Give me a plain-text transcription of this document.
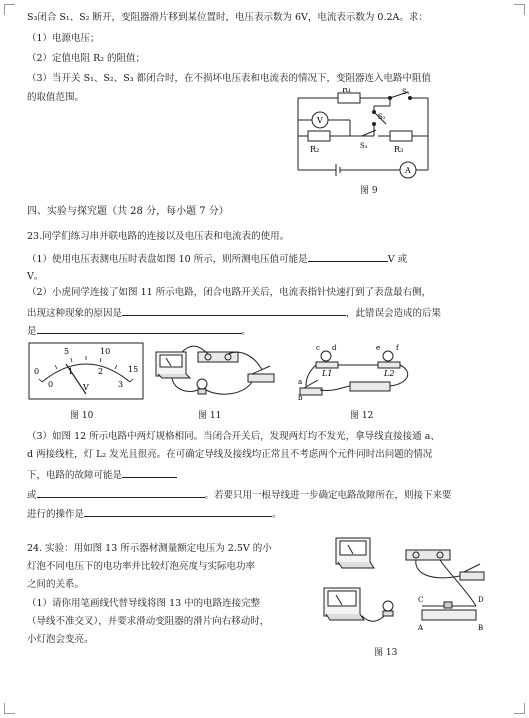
S₃闭合 S₁、S₂ 断开，变阻器滑片移到某位置时，电压表示数为 6V，电流表示数为 0.2A。求：
（1）电源电压；
（2）定值电阻 R₂ 的阻值；
（3）当开关 S₁、S₂、S₃ 都闭合时，在不损坏电压表和电流表的情况下，变阻器连入电路中阻值
的取值范围。
R₁	S₁
V	S₂
R₂	S₃	R₃
A
图 9
四、实验与探究题（共 28 分，每小题 7 分）
23.同学们练习串并联电路的连接以及电压表和电流表的使用。
（1）使用电压表测电压时表盘如图 10 所示，则所测电压值可能是	V 或
V。
（2）小虎同学连接了如图 11 所示电路，闭合电路开关后，电流表指针快速打到了表盘最右侧，
出现这种现象的原因是	，此错误会造成的后果
是	。
0
5	10
15
0
1	2
3
V
图 10	图 11
c d	e f
L1	L2
a
b
图 12
（3）如图 12 所示电路中两灯规格相同。当闭合开关后，发现两灯均不发光，拿导线直接接通 a、
d 两接线柱，灯 L₂ 发光且很亮。在可确定导线及接线均正常且不考虑两个元件同时出问题的情况
下，电路的故障可能是
或	。若要只用一根导线进一步确定电路故障所在，则接下来要
进行的操作是	。
24. 实验：用如图 13 所示器材测量额定电压为 2.5V 的小
灯泡不同电压下的电功率并比较灯泡亮度与实际电功率
之间的关系。
（1）请你用笔画线代替导线将图 13 中的电路连接完整
（导线不准交叉），并要求滑动变阻器的滑片向右移动时，
小灯泡会变亮。
C	D
A	B
图 13
